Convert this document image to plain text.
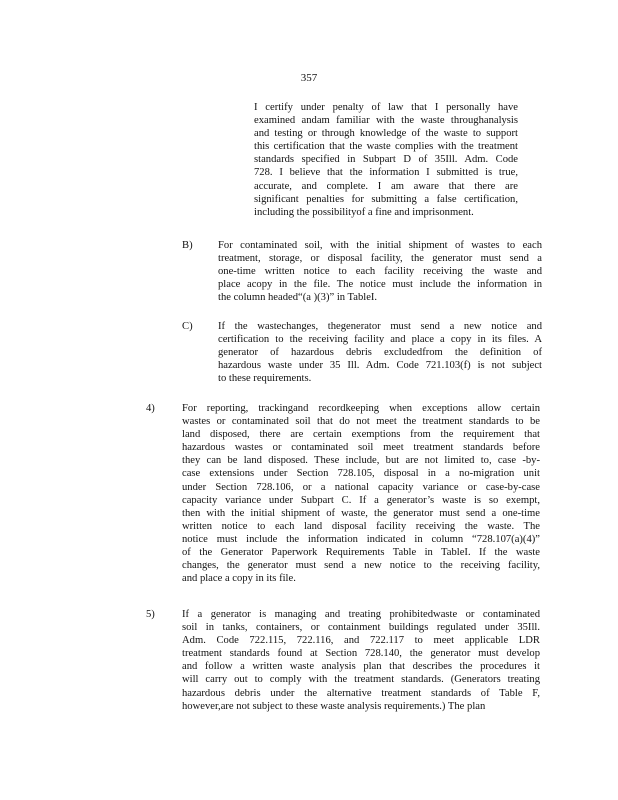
357
I certify under penalty of law that I personally have
examined andam familiar with the waste throughanalysis
and testing or through knowledge of the waste to support
this certification that the waste complies with the treatment
standards specified in Subpart D of 35Ill. Adm. Code
728. I believe that the information I submitted is true,
accurate, and complete. I am aware that there are
significant penalties for submitting a false certification,
including the possibilityof a fine and imprisonment.
B) For contaminated soil, with the initial shipment of wastes to each
treatment, storage, or disposal facility, the generator must send a
one-time written notice to each facility receiving the waste and
place acopy in the file. The notice must include the information in
the column headed“(a )(3)” in TableI.
C) If the wastechanges, thegenerator must send a new notice and
certification to the receiving facility and place a copy in its files. A
generator of hazardous debris excludedfrom the definition of
hazardous waste under 35 Ill. Adm. Code 721.103(f) is not subject
to these requirements.
4)	For reporting, trackingand recordkeeping when exceptions allow certain
wastes or contaminated soil that do not meet the treatment standards to be
land disposed, there are certain exemptions from the requirement that
hazardous wastes or contaminated soil meet treatment standards before
they can be land disposed. These include, but are not limited to, case -by-
case extensions under Section 728.105, disposal in a no-migration unit
under Section 728.106, or a national capacity variance or case-by-case
capacity variance under Subpart C. If a generator’s waste is so exempt,
then with the initial shipment of waste, the generator must send a one-time
written notice to each land disposal facility receiving the waste. The
notice must include the information indicated in column “728.107(a)(4)”
of the Generator Paperwork Requirements Table in TableI. If the waste
changes, the generator must send a new notice to the receiving facility,
and place a copy in its file.
5)	If a generator is managing and treating prohibitedwaste or contaminated
soil in tanks, containers, or containment buildings regulated under 35Ill.
Adm. Code 722.115, 722.116, and 722.117 to meet applicable LDR
treatment standards found at Section 728.140, the generator must develop
and follow a written waste analysis plan that describes the procedures it
will carry out to comply with the treatment standards. (Generators treating
hazardous debris under the alternative treatment standards of Table F,
however,are not subject to these waste analysis requirements.) The plan
